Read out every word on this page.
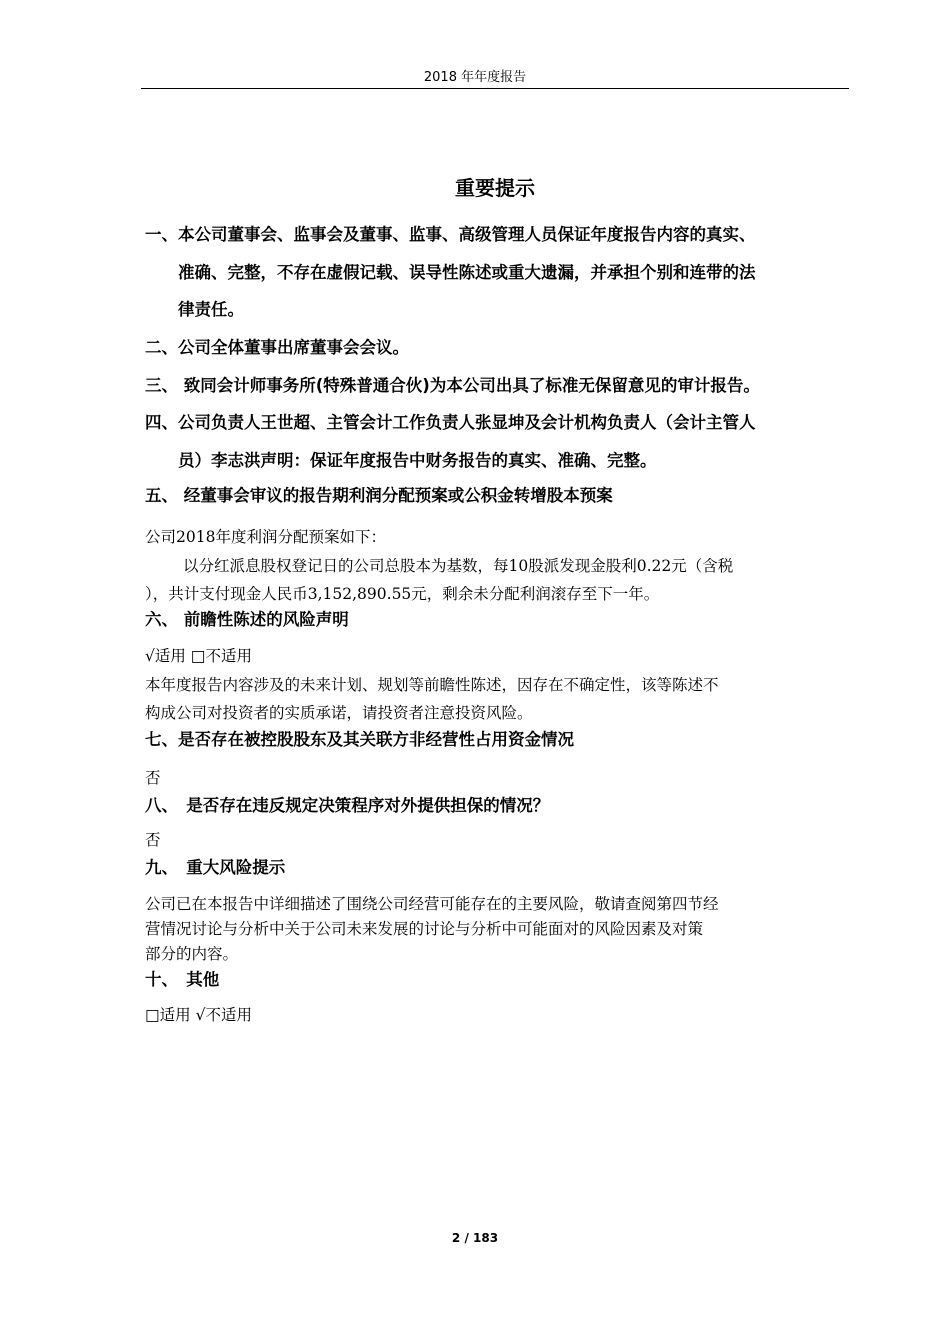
2018 年年度报告
重要提示
一、本公司董事会、监事会及董事、监事、高级管理人员保证年度报告内容的真实、
准确、完整，不存在虚假记载、误导性陈述或重大遗漏，并承担个别和连带的法
律责任。
二、公司全体董事出席董事会会议。
三、 致同会计师事务所(特殊普通合伙)为本公司出具了标准无保留意见的审计报告。
四、公司负责人王世超、主管会计工作负责人张显坤及会计机构负责人（会计主管人
员）李志洪声明：保证年度报告中财务报告的真实、准确、完整。
五、 经董事会审议的报告期利润分配预案或公积金转增股本预案
公司2018年度利润分配预案如下：
以分红派息股权登记日的公司总股本为基数，每10股派发现金股利0.22元（含税
），共计支付现金人民币3,152,890.55元，剩余未分配利润滚存至下一年。
六、 前瞻性陈述的风险声明
√适用 □不适用
本年度报告内容涉及的未来计划、规划等前瞻性陈述，因存在不确定性，该等陈述不
构成公司对投资者的实质承诺，请投资者注意投资风险。
七、是否存在被控股股东及其关联方非经营性占用资金情况
否
八、　是否存在违反规定决策程序对外提供担保的情况？
否
九、　重大风险提示
公司已在本报告中详细描述了围绕公司经营可能存在的主要风险，敬请查阅第四节经
营情况讨论与分析中关于公司未来发展的讨论与分析中可能面对的风险因素及对策
部分的内容。
十、　其他
□适用 √不适用
2 / 183
